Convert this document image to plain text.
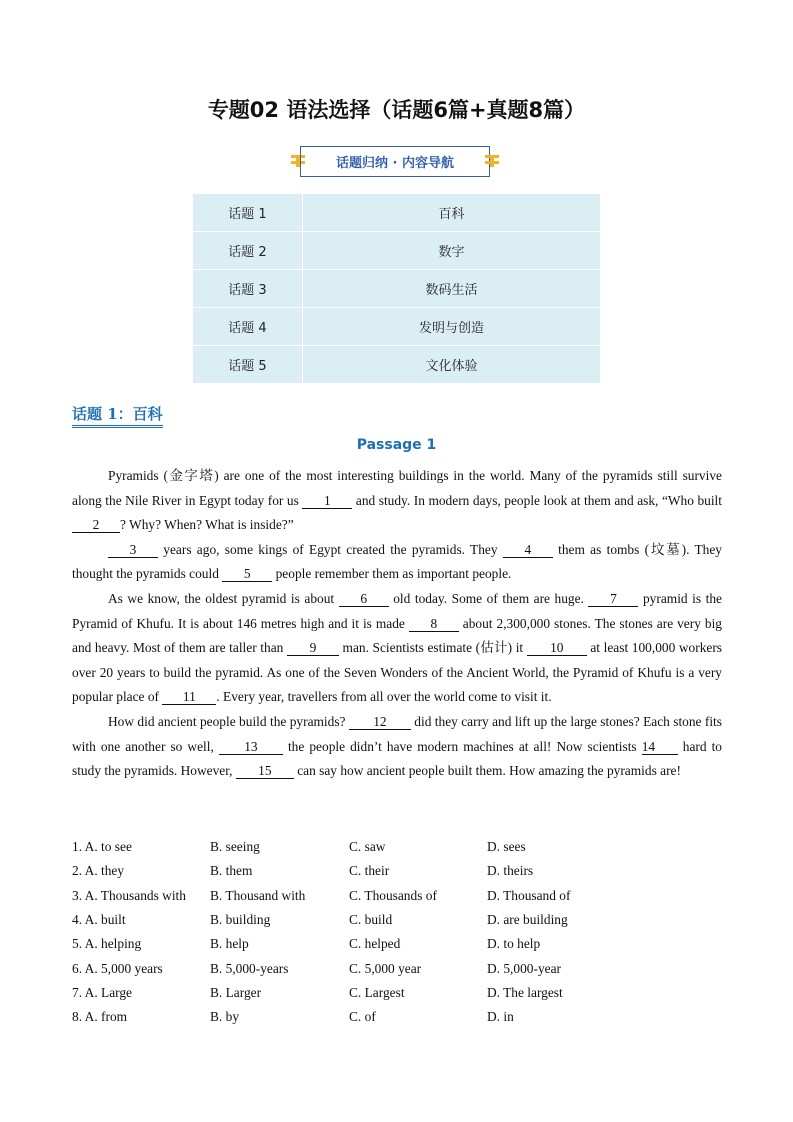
专题02 语法选择（话题6篇+真题8篇）
话题归纳 · 内容导航
话题 1	百科
话题 2	数字
话题 3	数码生活
话题 4	发明与创造
话题 5	文化体验
话题 1：百科
Passage 1

Pyramids (金字塔) are one of the most interesting buildings in the world. Many of the pyramids still survive along the Nile River in Egypt today for us 1 and study. In modern days, people look at them and ask, “Who built 2 ? Why? When? What is inside?”

3 years ago, some kings of Egypt created the pyramids. They 4 them as tombs (坟墓). They thought the pyramids could 5 people remember them as important people.

As we know, the oldest pyramid is about 6 old today. Some of them are huge. 7 pyramid is the Pyramid of Khufu. It is about 146 metres high and it is made 8 about 2,300,000 stones. The stones are very big and heavy. Most of them are taller than 9 man. Scientists estimate (估计) it 10 at least 100,000 workers over 20 years to build the pyramid. As one of the Seven Wonders of the Ancient World, the Pyramid of Khufu is a very popular place of 11 . Every year, travellers from all over the world come to visit it.

How did ancient people build the pyramids? 12 did they carry and lift up the large stones? Each stone fits with one another so well, 13 the people didn’t have modern machines at all! Now scientists 14 hard to study the pyramids. However, 15 can say how ancient people built them. How amazing the pyramids are!

1. A. to see	B. seeing	C. saw	D. sees
2. A. they	B. them	C. their	D. theirs
3. A. Thousands with	B. Thousand with	C. Thousands of	D. Thousand of
4. A. built	B. building	C. build	D. are building
5. A. helping	B. help	C. helped	D. to help
6. A. 5,000 years	B. 5,000-years	C. 5,000 year	D. 5,000-year
7. A. Large	B. Larger	C. Largest	D. The largest
8. A. from	B. by	C. of	D. in
